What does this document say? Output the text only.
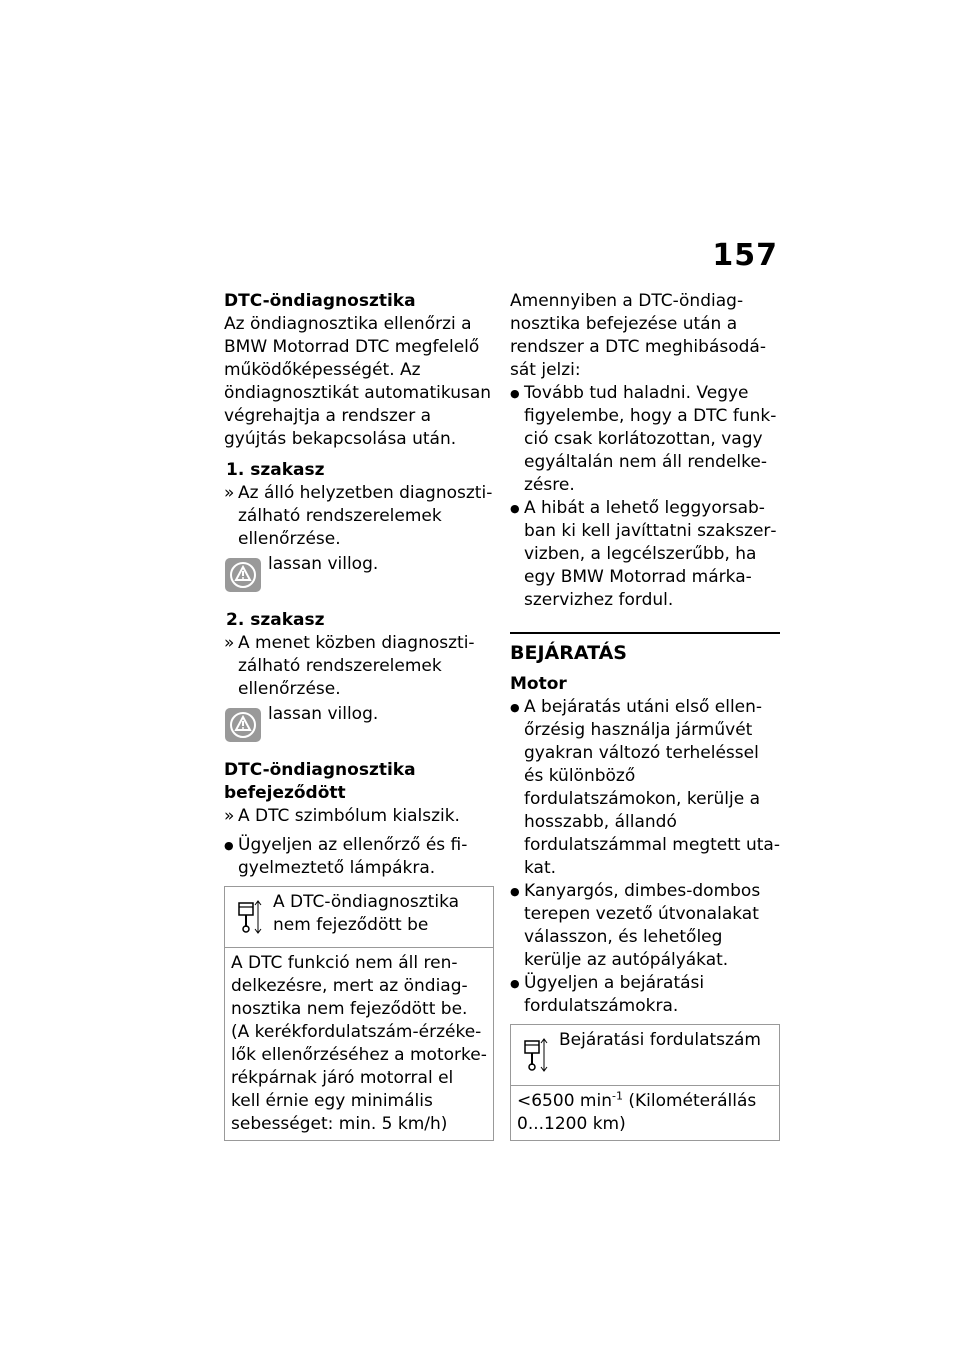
157

DTC-öndiagnosztika

Az öndiagnosztika ellenőrzi a BMW Motorrad DTC megfelelő működőképességét. Az öndiagnosztikát automatikusan végrehajtja a rendszer a gyújtás bekapcsolása után.

1. szakasz

» Az álló helyzetben diagnosztizálható rendszerelemek ellenőrzése.

lassan villog.

2. szakasz

» A menet közben diagnosztizálható rendszerelemek ellenőrzése.

lassan villog.

DTC-öndiagnosztika befejeződött

» A DTC szimbólum kialszik.

● Ügyeljen az ellenőrző és figyelmeztető lámpákra.

A DTC-öndiagnosztika nem fejeződött be

A DTC funkció nem áll rendelkezésre, mert az öndiagnosztika nem fejeződött be. (A kerékfordulatszám-érzékelők ellenőrzéséhez a motorkerékpárnak járó motorral el kell érnie egy minimális sebességet: min. 5 km/h)

Amennyiben a DTC-öndiagnosztika befejezése után a rendszer a DTC meghibásodását jelzi:

● Tovább tud haladni. Vegye figyelembe, hogy a DTC funkció csak korlátozottan, vagy egyáltalán nem áll rendelkezésre.

● A hibát a lehető leggyorsabban ki kell javíttatni szakszervizben, a legcélszerűbb, ha egy BMW Motorrad márkaszervizhez fordul.

BEJÁRATÁS

Motor

● A bejáratás utáni első ellenőrzésig használja járművét gyakran változó terheléssel és különböző fordulatszámokon, kerülje a hosszabb, állandó fordulatszámmal megtett utakat.

● Kanyargós, dimbes-dombos terepen vezető útvonalakat válasszon, és lehetőleg kerülje az autópályákat.

● Ügyeljen a bejáratási fordulatszámokra.

Bejáratási fordulatszám

<6500 $\min^{-1}$ (Kilométerállás 0...1200 km)
